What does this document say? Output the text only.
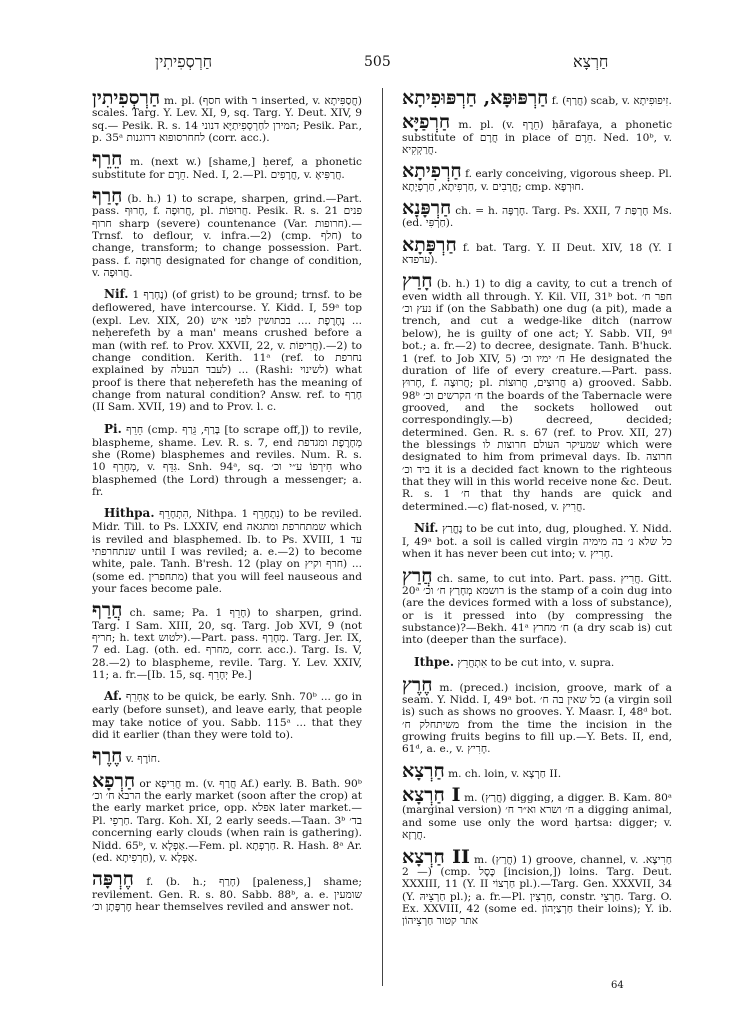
חַרְסְפִיתִין	505	חַרְצָא

חַרְסְפִיתִין m. pl. (חסף with ר inserted, v. חֲסַפִּיתָא) scales. Targ. Y. Lev. XI, 9, sq. Targ. Y. Deut. XIV, 9 sq.— Pesik. R. s. 14 המירן לחַרְסְפִיתַיָּא דנוני; Pesik. Par., p. 35ᵃ לחחרסופוא דרוגנות (corr. acc.).

חֵרֵף m. (next w.) [shame,] ḥeref, a phonetic substitute for חֵרֶם. Ned. I, 2.—Pl. חֲרָפִים, v. חֲרַפִּיאָ.

חָרַף (b. h.) 1) to scrape, sharpen, grind.—Part. pass. חָרוּף, f. חֲרוּפָה, pl. חֲרוּפוֹת. Pesik. R. s. 21 פנים חרוף sharp (severe) countenance (Var. חרופות).—Trnsf. to deflour, v. infra.—2) (cmp. חלף) to change, transform; to change possession. Part. pass. f. חֲרוּפָה designated for change of condition, v. חֲרוּפָה.

Nif. נֶחְרַף 1) (of grist) to be ground; trnsf. to be deflowered, have intercourse. Y. Kidd. I, 59ᵃ top (expl. Lev. XIX, 20) נֶחֶרֶפֶת .... בכתושין לפני איש ... neḥerefeth by a man' means crushed before a man (with ref. to Prov. XXVII, 22, v. חֲרִיפוֹת).—2) to change condition. Kerith. 11ᵃ (ref. to נחרפת explained by לעבד הבעלה) ... (Rashi: לשינוי) what proof is there that neḥerefeth has the meaning of change from natural condition? Answ. ref. to חָרַף (II Sam. XVII, 19) and to Prov. l. c.

Pi. חֵרֵף (cmp. בָּרַף, גֵּרַף [to scrape off,]) to revile, blaspheme, shame. Lev. R. s. 7, end מְחָרֶפֶת ומגדפת she (Rome) blasphemes and reviles. Num. R. s. 10 מְחָרֵף, v. גִּדֵּף. Snh. 94ᵃ, sq. חֵירְפוֹ ע״י וכ׳ who blasphemed (the Lord) through a messenger; a. fr.

Hithpa. הִתְחָרֵף, Nithpa. נִתְחָרֵף 1) to be reviled. Midr. Till. to Ps. LXXIV, end שמתחרפת ומתגאה which is reviled and blasphemed. Ib. to Ps. XVIII, 1 עד שנתחרפתי until I was reviled; a. e.—2) to become white, pale. Tanh. B'resh. 12 (play on חרף וקיץ) ... (some ed. מתחפרין) that you will feel nauseous and your faces become pale.

חֲרַף ch. same; Pa. חָרֵף 1) to sharpen, grind. Targ. I Sam. XIII, 20, sq. Targ. Job XVI, 9 (not חריף; h. text ילטוש).—Part. pass. מְחָרַף. Targ. Jer. IX, 7 ed. Lag. (oth. ed. מחרף, corr. acc.). Targ. Is. V, 28.—2) to blaspheme, revile. Targ. Y. Lev. XXIV, 11; a. fr.—[Ib. 15, sq. יְחָרֵף Pe.]

Af. אַחְרֵף to be quick, be early. Snh. 70ᵇ ... go in early (before sunset), and leave early, that people may take notice of you. Sabb. 115ᵃ ... that they did it earlier (than they were told to).

חֶרֶף v. חוֹרֶף.

חַרְפָא or חֲרִיפָא m. (v. חֲרַף Af.) early. B. Bath. 90ᵇ הרבא ח׳ וכ׳ the early market (soon after the crop) at the early market price, opp. אפלא later market.— Pl. חַרְפֵי. Targ. Koh. XI, 2 early seeds.—Taan. 3ᵇ בד׳ concerning early clouds (when rain is gathering). Nidd. 65ᵇ, v. אַפְלָא.—Fem. pl. חַרְפְתָא. R. Hash. 8ᵃ Ar. (ed. חַרְפִיתָא), v. אַפְלָא.

חֶרְפָּה f. (b. h.; חָרַף) [paleness,] shame; revilement. Gen. R. s. 80. Sabb. 88ᵇ, a. e. שומעין חֶרְפָּתָן וכ׳ hear themselves reviled and answer not.

חַרְפּוּפָּא, חַרְפּוּפִיתָא f. (חֲרַף) scab, v. זִיפוּפִיתָא.

חַרְפַיָּא m. pl. (v. חֵרֶף) ḥārafaya, a phonetic substitute of חֲרָם in place of חֵרֶם. Ned. 10ᵇ, v. חֲרַקְקִיא.

חַרְפִיתָא f. early conceiving, vigorous sheep. Pl. חַרְפִיתָא, חַרְפְיָתָא, v. חֲרָבִים; cmp. חוּרְפָא.

חַרְפָּנָא ch. = h. חֶרְפָּה. Targ. Ps. XXII, 7 חֶרְפַּת Ms. (ed. חַרְפִּי).

חַרְפָּתָא f. bat. Targ. Y. II Deut. XIV, 18 (Y. I ערפדא).

חָרַץ (b. h.) 1) to dig a cavity, to cut a trench of even width all through. Y. Kil. VII, 31ᵇ bot. חפר ח׳ נעץ וכ׳ if (on the Sabbath) one dug (a pit), made a trench, and cut a wedge-like ditch (narrow below), he is guilty of one act; Y. Sabb. VII, 9ᵈ bot.; a. fr.—2) to decree, designate. Tanh. B'huck. 1 (ref. to Job XIV, 5) ח׳ ימיו וכ׳ He designated the duration of life of every creature.—Part. pass. חָרוּץ, f. חֲרוּצָה; pl. חֲרוּצִים, חֲרוּצוֹת a) grooved. Sabb. 98ᵇ ח׳ הקרשים וכ׳ the boards of the Tabernacle were grooved, and the sockets hollowed out correspondingly.—b) decreed, decided; determined. Gen. R. s. 67 (ref. to Prov. XII, 27) the blessings שמעיקר העולם חרוצות לו which were designated to him from primeval days. Ib. חרוצה ביד וכ׳ it is a decided fact known to the righteous that they will in this world receive none &c. Deut. R. s. 1 ח׳ that thy hands are quick and determined.—c) flat-nosed, v. חֲרִיץ.

Nif. נֶחֱרַץ to be cut into, dug, ploughed. Y. Nidd. I, 49ᵃ bot. a soil is called virgin כל שלא נ׳ בה מימיה when it has never been cut into; v. חָרִיץ.

חֲרַץ ch. same, to cut into. Part. pass. חֲרִיץ. Gitt. 20ᵃ רושמא מְחָרַץ ח׳ וכ׳ is the stamp of a coin dug into (are the devices formed with a loss of substance), or is it pressed into (by compressing the substance)?—Bekh. 41ᵃ ח׳ מחרץ (a dry scab is) cut into (deeper than the surface).

Ithpe. אִתְחֲרֵץ to be cut into, v. supra.

חֶרֶץ m. (preced.) incision, groove, mark of a seam. Y. Nidd. I, 49ᵃ bot. כל שאין בה ח׳ (a virgin soil is) such as shows no grooves. Y. Maasr. I, 48ᵈ bot. משיתחלק ח׳ from the time the incision in the growing fruits begins to fill up.—Y. Bets. II, end, 61ᵈ, a. e., v. חָרִיץ.

חַרְצָא m. ch. loin, v. חַרְצָא II.

חַרְצָא I m. (חֲרַץ) digging, a digger. B. Kam. 80ᵃ (marginal version) ח׳ ושרא וא״ר ח׳ a digging animal, and some use only the word ḥartsa: digger; v. חֲרָזָא.

חַרְצָא II m. (חֲרַץ) 1) groove, channel, v. חַרִיצָא.— 2) (cmp. כֶּסֶל [incision,]) loins. Targ. Deut. XXXIII, 11 (Y. II חַרְצוֹי pl.).—Targ. Gen. XXXVII, 34 (Y. חַרְצֵיהּ pl.); a. fr.—Pl. חַרְצִין, constr. חַרְצֵי. Targ. O. Ex. XXVIII, 42 (some ed. חַרְצַיְהוֹן their loins); Y. ib. אתר קטור חַרְצֵיהוֹן

64
